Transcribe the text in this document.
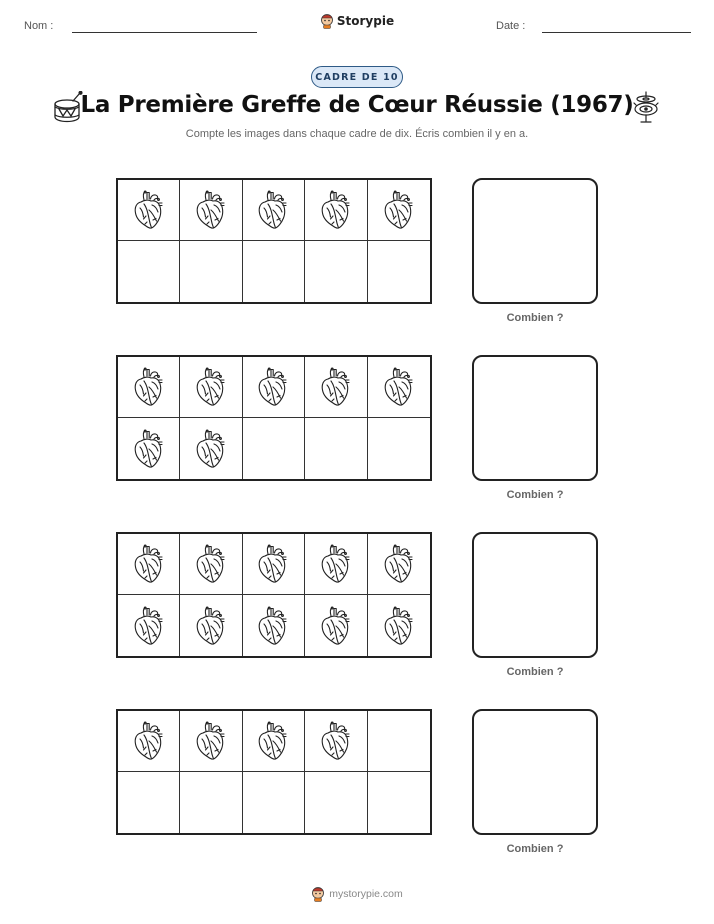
Nom :	Storypie	Date :
CADRE DE 10
La Première Greffe de Cœur Réussie (1967)
Compte les images dans chaque cadre de dix. Écris combien il y en a.
Combien ?
Combien ?
Combien ?
Combien ?
mystorypie.com
